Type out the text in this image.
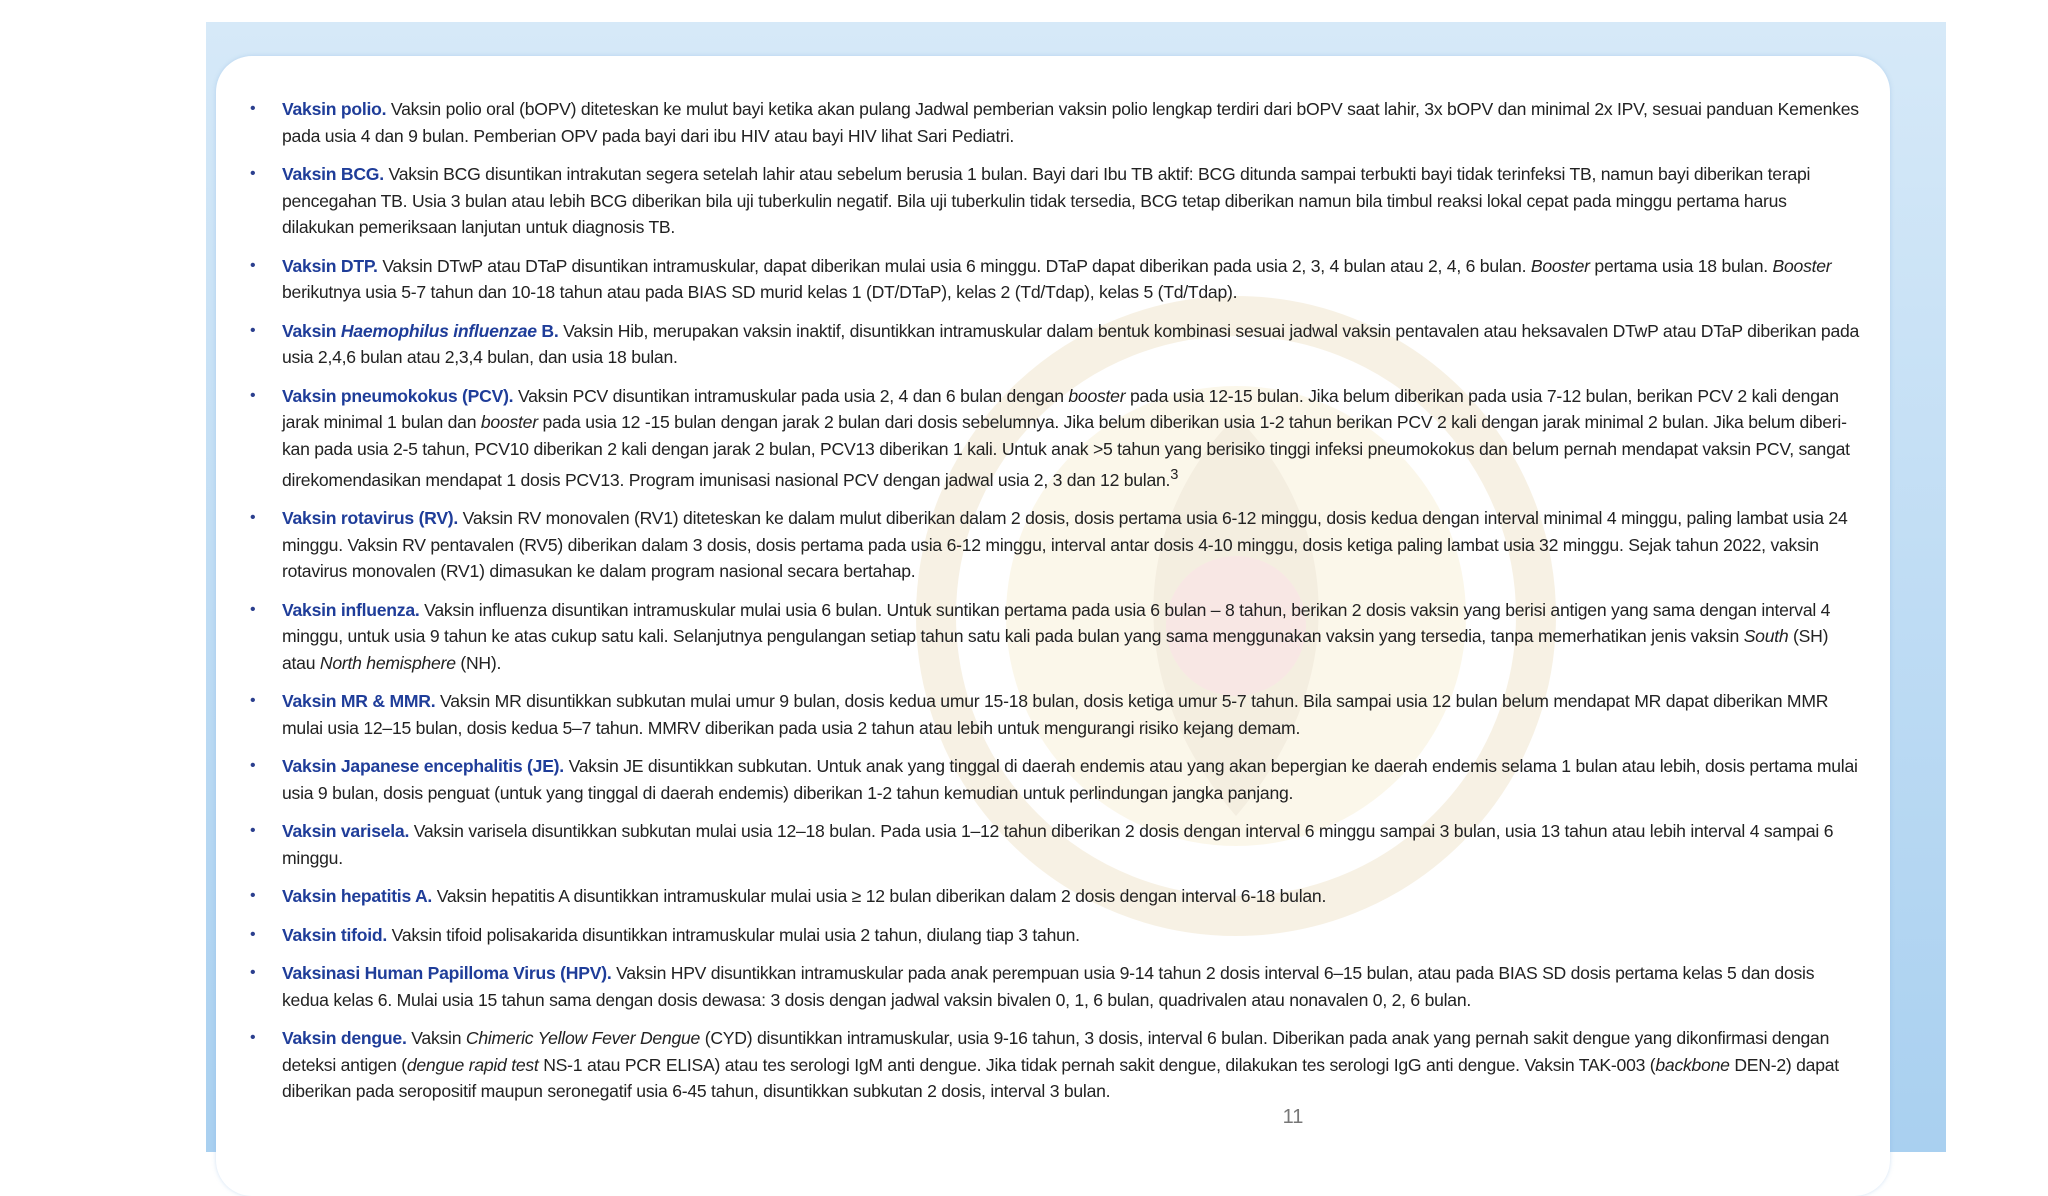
• Vaksin polio. Vaksin polio oral (bOPV) diteteskan ke mulut bayi ketika akan pulang Jadwal pemberian vaksin polio lengkap terdiri dari bOPV saat lahir, 3x bOPV dan minimal 2x IPV, sesuai panduan Kemenkes pada usia 4 dan 9 bulan. Pemberian OPV pada bayi dari ibu HIV atau bayi HIV lihat Sari Pediatri.
• Vaksin BCG. Vaksin BCG disuntikan intrakutan segera setelah lahir atau sebelum berusia 1 bulan. Bayi dari Ibu TB aktif: BCG ditunda sampai terbukti bayi tidak terinfeksi TB, namun bayi diberikan terapi pencegahan TB. Usia 3 bulan atau lebih BCG diberikan bila uji tuberkulin negatif. Bila uji tuberkulin tidak tersedia, BCG tetap diberikan namun bila timbul reaksi lokal cepat pada minggu pertama harus dilakukan pemeriksaan lanjutan untuk diagnosis TB.
• Vaksin DTP. Vaksin DTwP atau DTaP disuntikan intramuskular, dapat diberikan mulai usia 6 minggu. DTaP dapat diberikan pada usia 2, 3, 4 bulan atau 2, 4, 6 bulan. Booster pertama usia 18 bulan. Booster berikutnya usia 5-7 tahun dan 10-18 tahun atau pada BIAS SD murid kelas 1 (DT/DTaP), kelas 2 (Td/Tdap), kelas 5 (Td/Tdap).
• Vaksin Haemophilus influenzae B. Vaksin Hib, merupakan vaksin inaktif, disuntikkan intramuskular dalam bentuk kombinasi sesuai jadwal vaksin pentavalen atau heksavalen DTwP atau DTaP diberikan pada usia 2,4,6 bulan atau 2,3,4 bulan, dan usia 18 bulan.
• Vaksin pneumokokus (PCV). Vaksin PCV disuntikan intramuskular pada usia 2, 4 dan 6 bulan dengan booster pada usia 12-15 bulan. Jika belum diberikan pada usia 7-12 bulan, berikan PCV 2 kali dengan jarak minimal 1 bulan dan booster pada usia 12 -15 bulan dengan jarak 2 bulan dari dosis sebelumnya. Jika belum diberikan usia 1-2 tahun berikan PCV 2 kali dengan jarak minimal 2 bulan. Jika belum diberi-kan pada usia 2-5 tahun, PCV10 diberikan 2 kali dengan jarak 2 bulan, PCV13 diberikan 1 kali. Untuk anak >5 tahun yang berisiko tinggi infeksi pneumokokus dan belum pernah mendapat vaksin PCV, sangat direkomendasikan mendapat 1 dosis PCV13. Program imunisasi nasional PCV dengan jadwal usia 2, 3 dan 12 bulan.$^3$
• Vaksin rotavirus (RV). Vaksin RV monovalen (RV1) diteteskan ke dalam mulut diberikan dalam 2 dosis, dosis pertama usia 6-12 minggu, dosis kedua dengan interval minimal 4 minggu, paling lambat usia 24 minggu. Vaksin RV pentavalen (RV5) diberikan dalam 3 dosis, dosis pertama pada usia 6-12 minggu, interval antar dosis 4-10 minggu, dosis ketiga paling lambat usia 32 minggu. Sejak tahun 2022, vaksin rotavirus monovalen (RV1) dimasukan ke dalam program nasional secara bertahap.
• Vaksin influenza. Vaksin influenza disuntikan intramuskular mulai usia 6 bulan. Untuk suntikan pertama pada usia 6 bulan – 8 tahun, berikan 2 dosis vaksin yang berisi antigen yang sama dengan interval 4 minggu, untuk usia 9 tahun ke atas cukup satu kali. Selanjutnya pengulangan setiap tahun satu kali pada bulan yang sama menggunakan vaksin yang tersedia, tanpa memerhatikan jenis vaksin South (SH) atau North hemisphere (NH).
• Vaksin MR & MMR. Vaksin MR disuntikkan subkutan mulai umur 9 bulan, dosis kedua umur 15-18 bulan, dosis ketiga umur 5-7 tahun. Bila sampai usia 12 bulan belum mendapat MR dapat diberikan MMR mulai usia 12–15 bulan, dosis kedua 5–7 tahun. MMRV diberikan pada usia 2 tahun atau lebih untuk mengurangi risiko kejang demam.
• Vaksin Japanese encephalitis (JE). Vaksin JE disuntikkan subkutan. Untuk anak yang tinggal di daerah endemis atau yang akan bepergian ke daerah endemis selama 1 bulan atau lebih, dosis pertama mulai usia 9 bulan, dosis penguat (untuk yang tinggal di daerah endemis) diberikan 1-2 tahun kemudian untuk perlindungan jangka panjang.
• Vaksin varisela. Vaksin varisela disuntikkan subkutan mulai usia 12–18 bulan. Pada usia 1–12 tahun diberikan 2 dosis dengan interval 6 minggu sampai 3 bulan, usia 13 tahun atau lebih interval 4 sampai 6 minggu.
• Vaksin hepatitis A. Vaksin hepatitis A disuntikkan intramuskular mulai usia ≥ 12 bulan diberikan dalam 2 dosis dengan interval 6-18 bulan.
• Vaksin tifoid. Vaksin tifoid polisakarida disuntikkan intramuskular mulai usia 2 tahun, diulang tiap 3 tahun.
• Vaksinasi Human Papilloma Virus (HPV). Vaksin HPV disuntikkan intramuskular pada anak perempuan usia 9-14 tahun 2 dosis interval 6–15 bulan, atau pada BIAS SD dosis pertama kelas 5 dan dosis kedua kelas 6. Mulai usia 15 tahun sama dengan dosis dewasa: 3 dosis dengan jadwal vaksin bivalen 0, 1, 6 bulan, quadrivalen atau nonavalen 0, 2, 6 bulan.
• Vaksin dengue. Vaksin Chimeric Yellow Fever Dengue (CYD) disuntikkan intramuskular, usia 9-16 tahun, 3 dosis, interval 6 bulan. Diberikan pada anak yang pernah sakit dengue yang dikonfirmasi dengan deteksi antigen (dengue rapid test NS-1 atau PCR ELISA) atau tes serologi IgM anti dengue. Jika tidak pernah sakit dengue, dilakukan tes serologi IgG anti dengue. Vaksin TAK-003 (backbone DEN-2) dapat diberikan pada seropositif maupun seronegatif usia 6-45 tahun, disuntikkan subkutan 2 dosis, interval 3 bulan.
11
